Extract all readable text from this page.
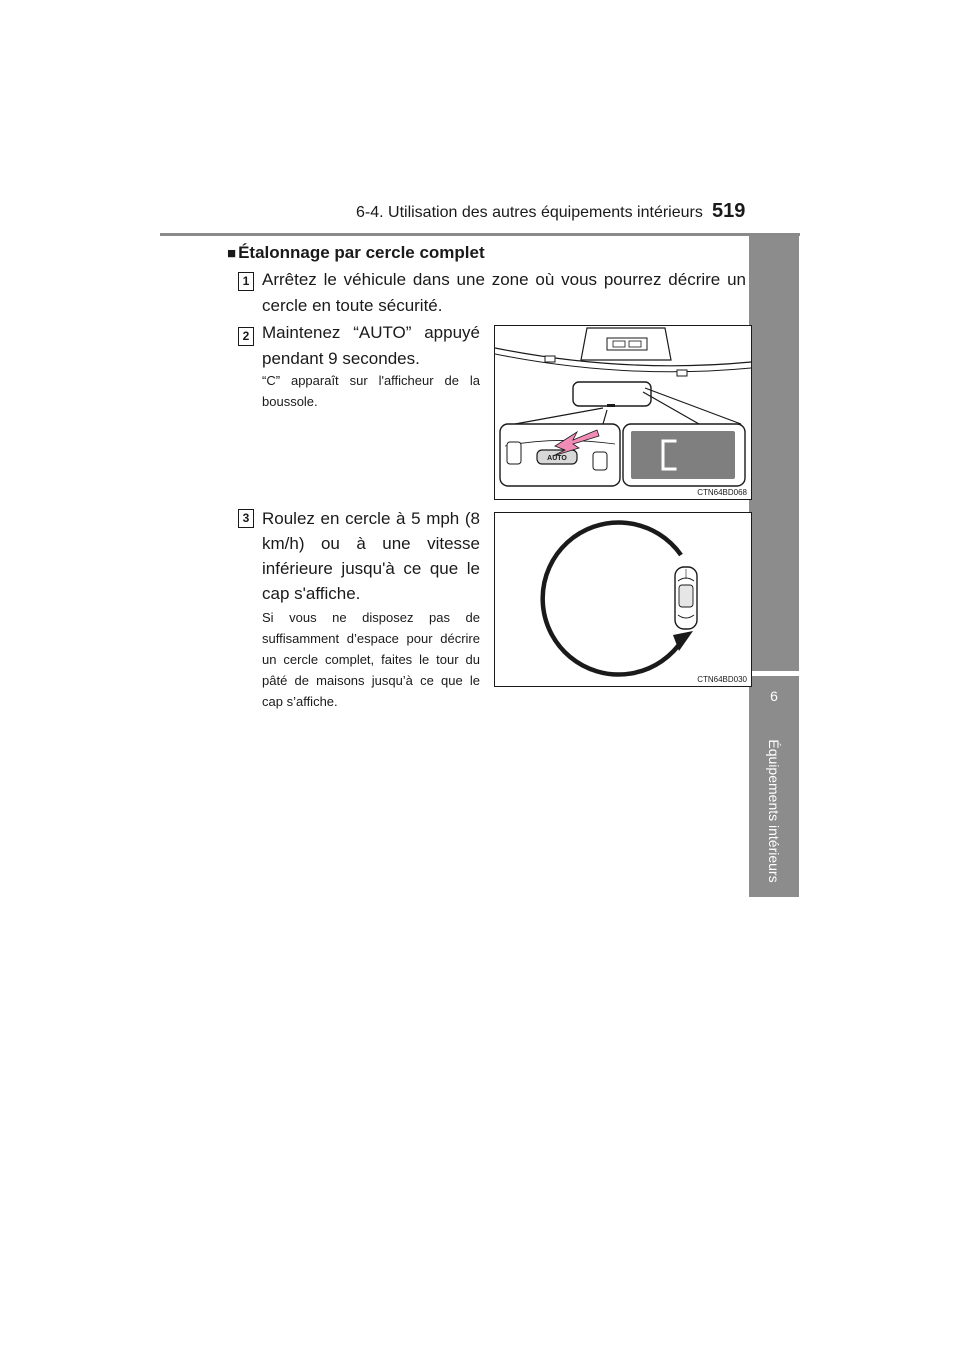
6-4. Utilisation des autres équipements intérieurs 519
6
Équipements intérieurs
■ Étalonnage par cercle complet
1 Arrêtez le véhicule dans une zone où vous pourrez décrire un cercle en toute sécurité.
2 Maintenez “AUTO” appuyé pendant 9 secondes.
“C” apparaît sur l'afficheur de la boussole.
AUTO
CTN64BD068
3 Roulez en cercle à 5 mph (8 km/h) ou à une vitesse inférieure jusqu'à ce que le cap s'affiche.
Si vous ne disposez pas de suffisamment d’espace pour décrire un cercle complet, faites le tour du pâté de maisons jusqu’à ce que le cap s’affiche.
CTN64BD030
